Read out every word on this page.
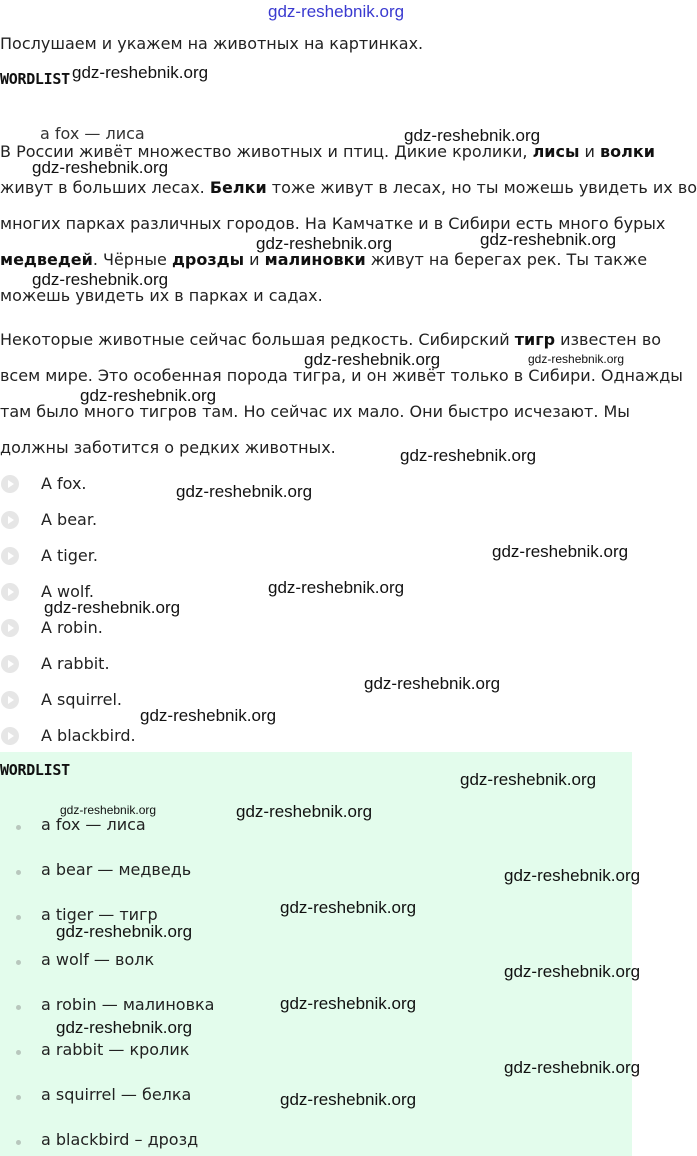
gdz-reshebnik.org
Послушаем и укажем на животных на картинках.
WORDLIST
a fox — лиса
В России живёт множество животных и птиц. Дикие кролики, лисы и волки
живут в больших лесах. Белки тоже живут в лесах, но ты можешь увидеть их во
многих парках различных городов. На Камчатке и в Сибири есть много бурых
медведей. Чёрные дрозды и малиновки живут на берегах рек. Ты также
можешь увидеть их в парках и садах.
Некоторые животные сейчас большая редкость. Сибирский тигр известен во
всем мире. Это особенная порода тигра, и он живёт только в Сибири. Однажды
там было много тигров там. Но сейчас их мало. Они быстро исчезают. Мы
должны заботится о редких животных.
A fox.
A bear.
A tiger.
A wolf.
A robin.
A rabbit.
A squirrel.
A blackbird.
WORDLIST
a fox — лиса
a bear — медведь
a tiger — тигр
a wolf — волк
a robin — малиновка
a rabbit — кролик
a squirrel — белка
a blackbird – дрозд
gdz-reshebnik.org
gdz-reshebnik.org
gdz-reshebnik.org
gdz-reshebnik.org	gdz-reshebnik.org
gdz-reshebnik.org
gdz-reshebnik.org	gdz-reshebnik.org
gdz-reshebnik.org
gdz-reshebnik.org
gdz-reshebnik.org
gdz-reshebnik.org
gdz-reshebnik.org
gdz-reshebnik.org
gdz-reshebnik.org
gdz-reshebnik.org
gdz-reshebnik.org
gdz-reshebnik.org	gdz-reshebnik.org
gdz-reshebnik.org
gdz-reshebnik.org
gdz-reshebnik.org
gdz-reshebnik.org
gdz-reshebnik.org
gdz-reshebnik.org
gdz-reshebnik.org
gdz-reshebnik.org
